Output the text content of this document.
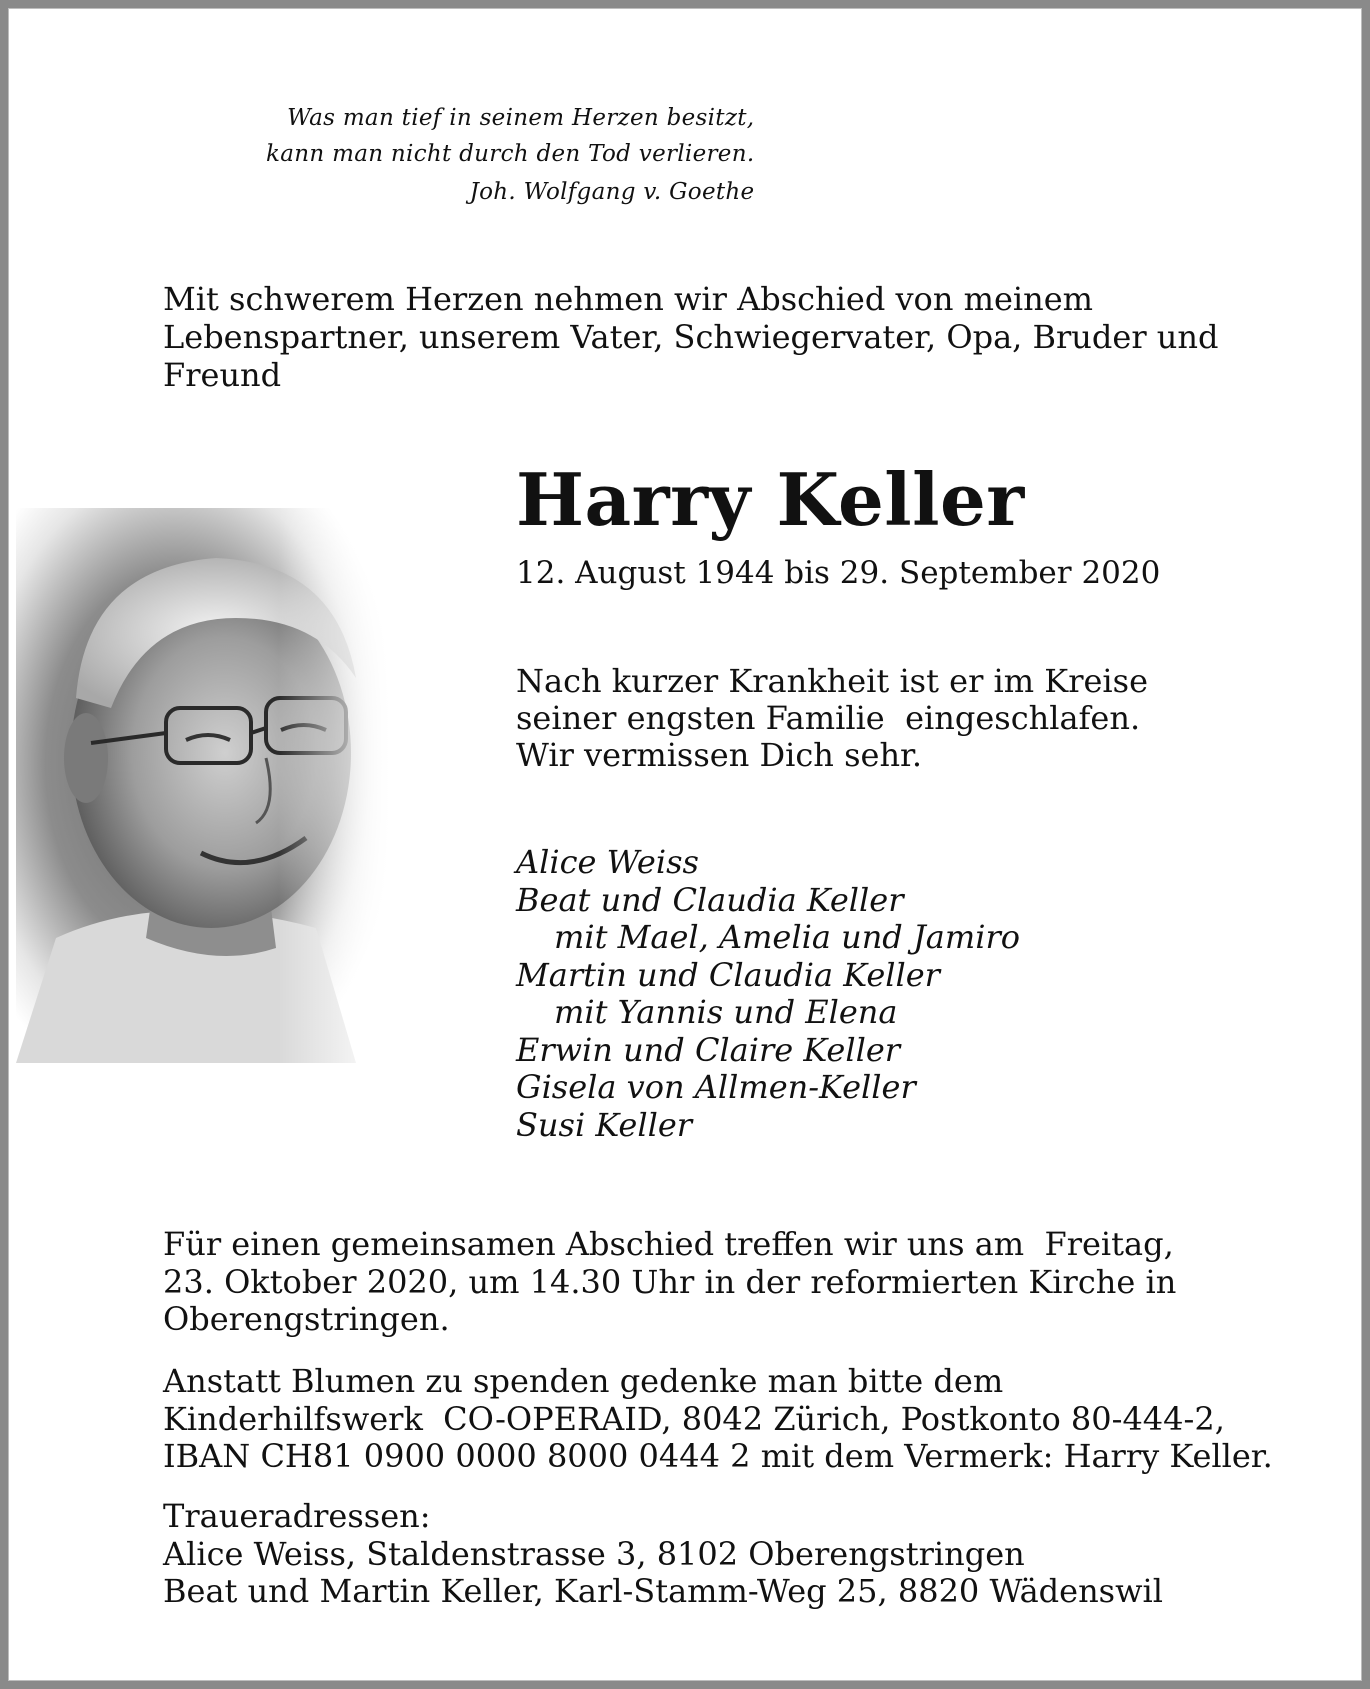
Was man tief in seinem Herzen besitzt,
kann man nicht durch den Tod verlieren.
Joh. Wolfgang v. Goethe
Mit schwerem Herzen nehmen wir Abschied von meinem
Lebenspartner, unserem Vater, Schwiegervater, Opa, Bruder und
Freund
Harry Keller
12. August 1944 bis 29. September 2020
Nach kurzer Krankheit ist er im Kreise
seiner engsten Familie  eingeschlafen.
Wir vermissen Dich sehr.
Alice Weiss
Beat und Claudia Keller
mit Mael, Amelia und Jamiro
Martin und Claudia Keller
mit Yannis und Elena
Erwin und Claire Keller
Gisela von Allmen-Keller
Susi Keller
Für einen gemeinsamen Abschied treffen wir uns am  Freitag,
23. Oktober 2020, um 14.30 Uhr in der reformierten Kirche in
Oberengstringen.
Anstatt Blumen zu spenden gedenke man bitte dem
Kinderhilfswerk  CO-OPERAID, 8042 Zürich, Postkonto 80-444-2,
IBAN CH81 0900 0000 8000 0444 2 mit dem Vermerk: Harry Keller.
Traueradressen:
Alice Weiss, Staldenstrasse 3, 8102 Oberengstringen
Beat und Martin Keller, Karl-Stamm-Weg 25, 8820 Wädenswil
